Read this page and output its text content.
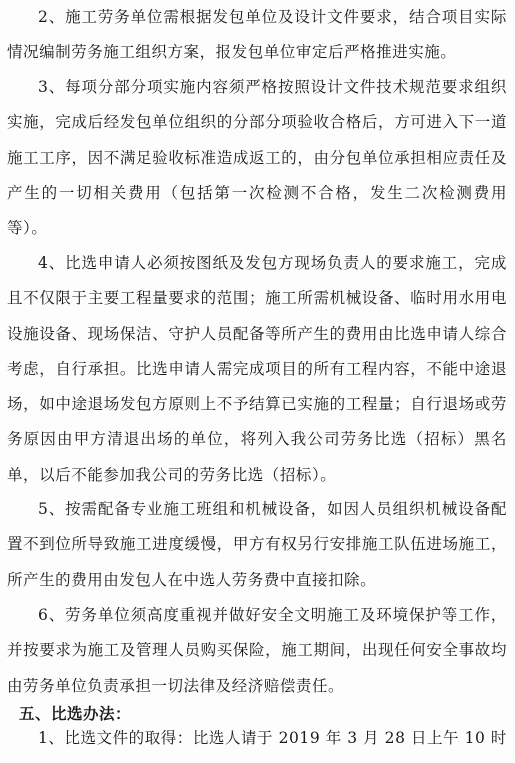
2、施工劳务单位需根据发包单位及设计文件要求，结合项目实际情况编制劳务施工组织方案，报发包单位审定后严格推进实施。

3、每项分部分项实施内容须严格按照设计文件技术规范要求组织实施，完成后经发包单位组织的分部分项验收合格后，方可进入下一道施工工序，因不满足验收标准造成返工的，由分包单位承担相应责任及产生的一切相关费用（包括第一次检测不合格，发生二次检测费用等）。

4、比选申请人必须按图纸及发包方现场负责人的要求施工，完成且不仅限于主要工程量要求的范围；施工所需机械设备、临时用水用电设施设备、现场保洁、守护人员配备等所产生的费用由比选申请人综合考虑，自行承担。比选申请人需完成项目的所有工程内容，不能中途退场，如中途退场发包方原则上不予结算已实施的工程量；自行退场或劳务原因由甲方清退出场的单位，将列入我公司劳务比选（招标）黑名单，以后不能参加我公司的劳务比选（招标）。

5、按需配备专业施工班组和机械设备，如因人员组织机械设备配置不到位所导致施工进度缓慢，甲方有权另行安排施工队伍进场施工，所产生的费用由发包人在中选人劳务费中直接扣除。

6、劳务单位须高度重视并做好安全文明施工及环境保护等工作，并按要求为施工及管理人员购买保险，施工期间，出现任何安全事故均由劳务单位负责承担一切法律及经济赔偿责任。

五、比选办法：

1、比选文件的取得：比选人请于 2019 年 3 月 28 日上午 10 时
